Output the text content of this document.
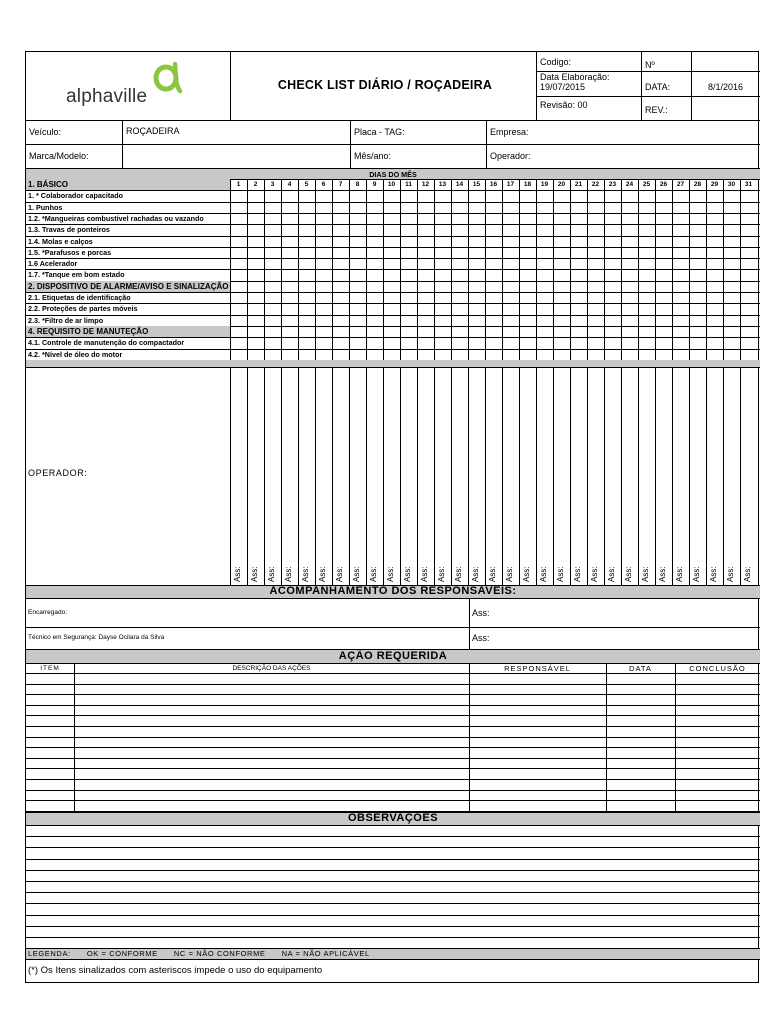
alphaville
CHECK LIST DIÁRIO / ROÇADEIRA
Codigo:	Nº
Data Elaboração:
19/07/2015	DATA:	8/1/2016
Revisão: 00	REV.:
Veículo:	ROÇADEIRA	Placa - TAG:	Empresa:
Marca/Modelo:	Mês/ano:	Operador:
DIAS DO MÊS
1. BÁSICO	1	2	3	4	5	6	7	8	9	10	11	12	13	14	15	16	17	18	19	20	21	22	23	24	25	26	27	28	29	30	31
1. * Colaborador capacitado
1. Punhos
1.2. *Mangueiras combustível rachadas ou vazando
1.3. Travas de ponteiros
1.4. Molas e calços
1.5. *Parafusos e porcas
1.6 Acelerador
1.7. *Tanque em bom estado
2. DISPOSITIVO DE ALARME/AVISO E SINALIZAÇÃO
2.1. Etiquetas de identificação
2.2. Proteções de partes móveis
2.3. *Filtro de ar limpo
4. REQUISITO DE MANUTEÇÃO
4.1. Controle de manutenção do compactador
4.2. *Nível de óleo do motor
OPERADOR:
Ass: Ass: Ass: Ass: Ass: Ass: Ass: Ass: Ass: Ass: Ass: Ass: Ass: Ass: Ass: Ass: Ass: Ass: Ass: Ass: Ass: Ass: Ass: Ass: Ass: Ass: Ass: Ass: Ass: Ass: Ass:
ACOMPANHAMENTO DOS RESPONSAVEIS:
Encarregado:	Ass:
Técnico em Segurança: Dayse Ocilara da Silva	Ass:
AÇÃO REQUERIDA
ITEM	DESCRIÇÃO DAS AÇÕES	RESPONSÁVEL	DATA	CONCLUSÃO
OBSERVAÇÕES
LEGENDA:      OK = CONFORME      NC = NÃO CONFORME      NA = NÃO APLICÁVEL
(*) Os Itens sinalizados com asteriscos impede o uso do equipamento
